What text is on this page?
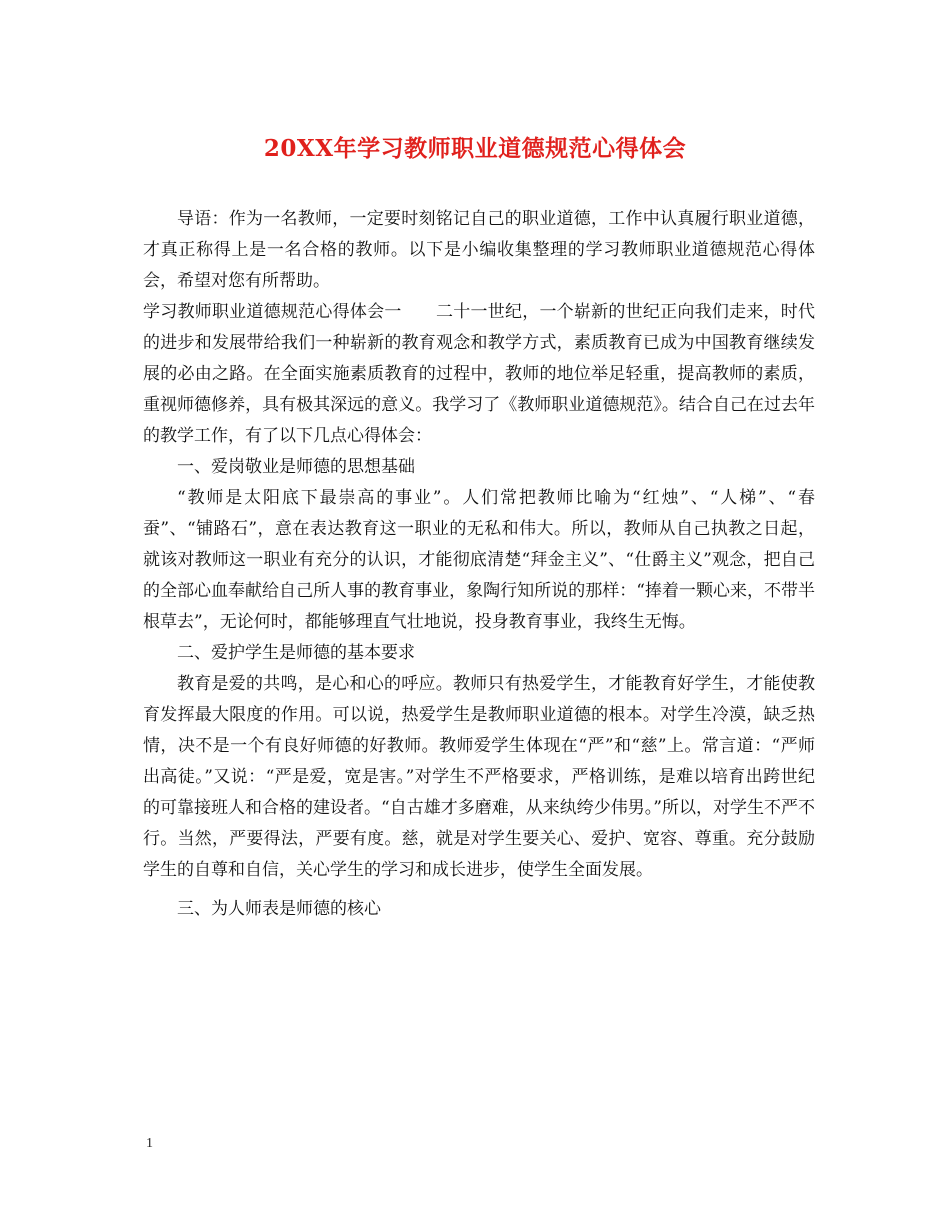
20XX年学习教师职业道德规范心得体会

导语：作为一名教师，一定要时刻铭记自己的职业道德，工作中认真履行职业道德，才真正称得上是一名合格的教师。以下是小编收集整理的学习教师职业道德规范心得体会，希望对您有所帮助。

学习教师职业道德规范心得体会一　　二十一世纪，一个崭新的世纪正向我们走来，时代的进步和发展带给我们一种崭新的教育观念和教学方式，素质教育已成为中国教育继续发展的必由之路。在全面实施素质教育的过程中，教师的地位举足轻重，提高教师的素质，重视师德修养，具有极其深远的意义。我学习了《教师职业道德规范》。结合自己在过去年的教学工作，有了以下几点心得体会：

一、爱岗敬业是师德的思想基础

“教师是太阳底下最崇高的事业”。人们常把教师比喻为“红烛”、“人梯”、“春蚕”、“铺路石”，意在表达教育这一职业的无私和伟大。所以，教师从自己执教之日起，就该对教师这一职业有充分的认识，才能彻底清楚“拜金主义”、“仕爵主义”观念，把自己的全部心血奉献给自己所人事的教育事业，象陶行知所说的那样：“捧着一颗心来，不带半根草去”，无论何时，都能够理直气壮地说，投身教育事业，我终生无悔。

二、爱护学生是师德的基本要求

教育是爱的共鸣，是心和心的呼应。教师只有热爱学生，才能教育好学生，才能使教育发挥最大限度的作用。可以说，热爱学生是教师职业道德的根本。对学生冷漠，缺乏热情，决不是一个有良好师德的好教师。教师爱学生体现在“严”和“慈”上。常言道：“严师出高徒。”又说：“严是爱，宽是害。”对学生不严格要求，严格训练，是难以培育出跨世纪的可靠接班人和合格的建设者。“自古雄才多磨难，从来纨绔少伟男。”所以，对学生不严不行。当然，严要得法，严要有度。慈，就是对学生要关心、爱护、宽容、尊重。充分鼓励学生的自尊和自信，关心学生的学习和成长进步，使学生全面发展。

三、为人师表是师德的核心

1
